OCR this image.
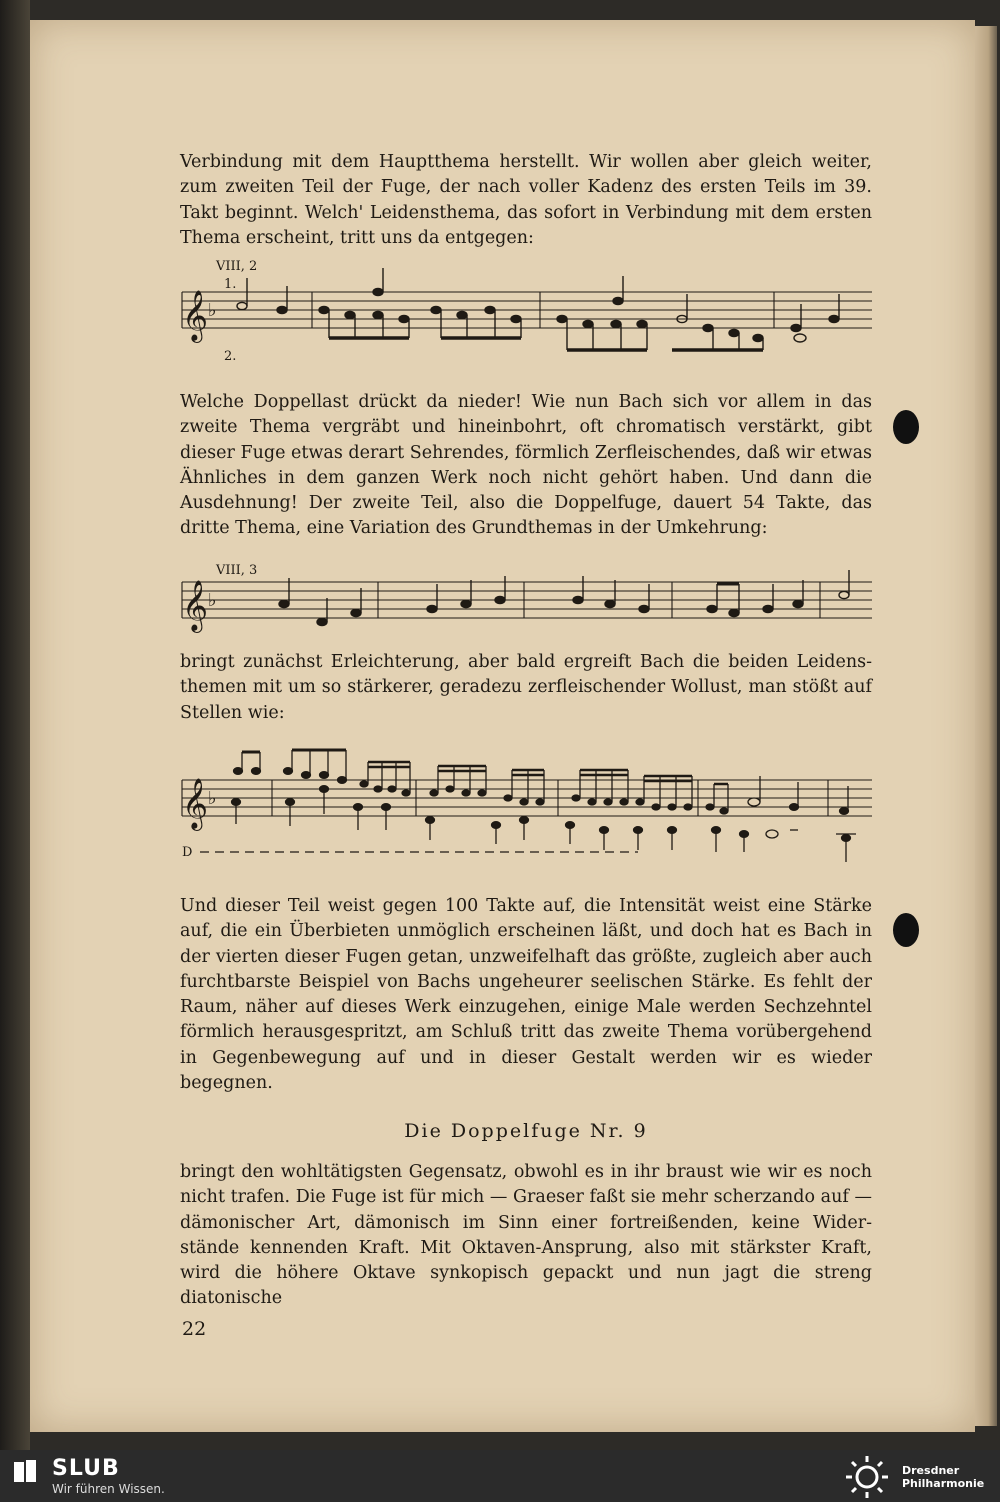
Verbindung mit dem Hauptthema herstellt. Wir wollen aber gleich weiter, zum zweiten Teil der Fuge, der nach voller Kadenz des ersten Teils im 39. Takt beginnt. Welch' Leidensthema, das sofort in Verbindung mit dem ersten Thema erscheint, tritt uns da entgegen:

VIII, 2
1.
2.
𝄞 ♭

Welche Doppellast drückt da nieder! Wie nun Bach sich vor allem in das zweite Thema vergräbt und hineinbohrt, oft chromatisch verstärkt, gibt dieser Fuge etwas derart Sehrendes, förmlich Zerfleischendes, daß wir etwas Ähnliches in dem ganzen Werk noch nicht gehört haben. Und dann die Ausdehnung! Der zweite Teil, also die Doppelfuge, dauert 54 Takte, das dritte Thema, eine Variation des Grundthemas in der Umkehrung:

VIII, 3
𝄞 ♭

bringt zunächst Erleichterung, aber bald ergreift Bach die beiden Leidens- themen mit um so stärkerer, geradezu zerfleischender Wollust, man stößt auf Stellen wie:

𝄞 ♭
D

Und dieser Teil weist gegen 100 Takte auf, die Intensität weist eine Stärke auf, die ein Überbieten unmöglich erscheinen läßt, und doch hat es Bach in der vierten dieser Fugen getan, unzweifelhaft das größte, zugleich aber auch furchtbarste Beispiel von Bachs ungeheurer seelischen Stärke. Es fehlt der Raum, näher auf dieses Werk einzugehen, einige Male werden Sechzehntel förmlich herausgespritzt, am Schluß tritt das zweite Thema vorübergehend in Gegenbewegung auf und in dieser Gestalt werden wir es wieder begegnen.

Die Doppelfuge Nr. 9

bringt den wohltätigsten Gegensatz, obwohl es in ihr braust wie wir es noch nicht trafen. Die Fuge ist für mich — Graeser faßt sie mehr scherzando auf — dämonischer Art, dämonisch im Sinn einer fortreißenden, keine Wider- stände kennenden Kraft. Mit Oktaven-Ansprung, also mit stärkster Kraft, wird die höhere Oktave synkopisch gepackt und nun jagt die streng diatonische

22
SLUB
Wir führen Wissen.
Dresdner
Philharmonie
